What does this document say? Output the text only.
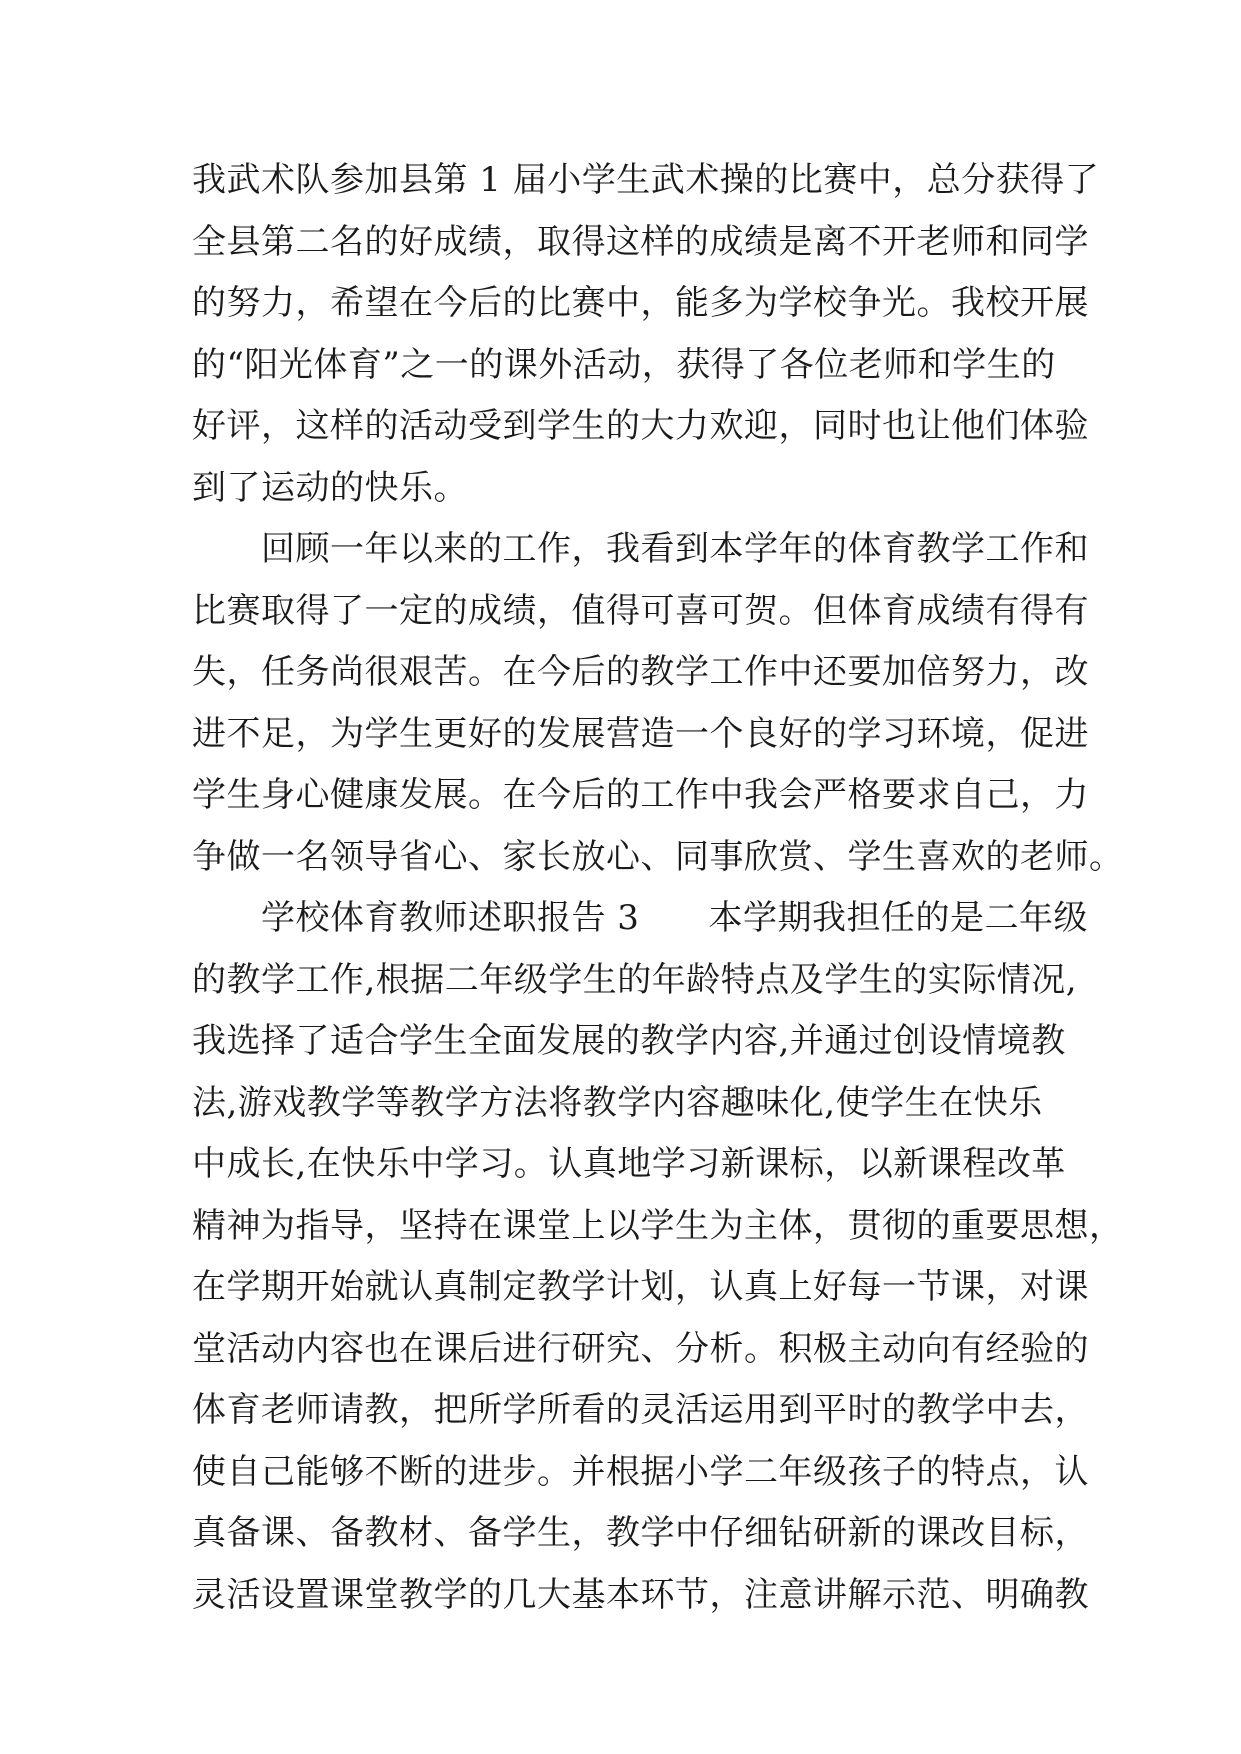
我武术队参加县第 1 届小学生武术操的比赛中，总分获得了
全县第二名的好成绩，取得这样的成绩是离不开老师和同学
的努力，希望在今后的比赛中，能多为学校争光。我校开展
的“阳光体育”之一的课外活动，获得了各位老师和学生的
好评，这样的活动受到学生的大力欢迎，同时也让他们体验
到了运动的快乐。
　　回顾一年以来的工作，我看到本学年的体育教学工作和
比赛取得了一定的成绩，值得可喜可贺。但体育成绩有得有
失，任务尚很艰苦。在今后的教学工作中还要加倍努力，改
进不足，为学生更好的发展营造一个良好的学习环境，促进
学生身心健康发展。在今后的工作中我会严格要求自己，力
争做一名领导省心、家长放心、同事欣赏、学生喜欢的老师。
　　学校体育教师述职报告 3　　本学期我担任的是二年级
的教学工作,根据二年级学生的年龄特点及学生的实际情况,
我选择了适合学生全面发展的教学内容,并通过创设情境教
法,游戏教学等教学方法将教学内容趣味化,使学生在快乐
中成长,在快乐中学习。认真地学习新课标，以新课程改革
精神为指导，坚持在课堂上以学生为主体，贯彻的重要思想，
在学期开始就认真制定教学计划，认真上好每一节课，对课
堂活动内容也在课后进行研究、分析。积极主动向有经验的
体育老师请教，把所学所看的灵活运用到平时的教学中去，
使自己能够不断的进步。并根据小学二年级孩子的特点，认
真备课、备教材、备学生，教学中仔细钻研新的课改目标，
灵活设置课堂教学的几大基本环节，注意讲解示范、明确教
